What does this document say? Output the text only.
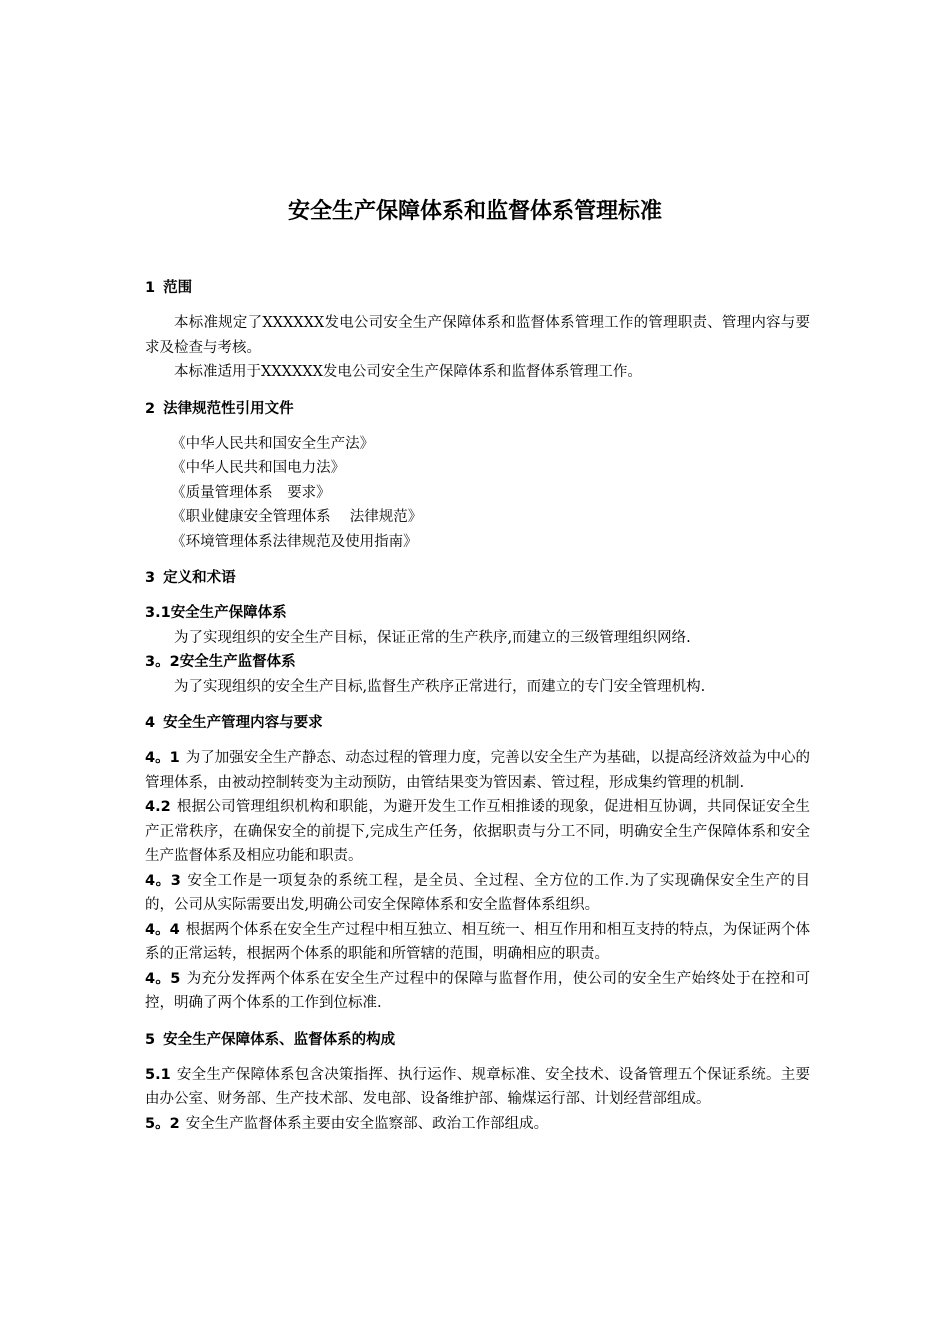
安全生产保障体系和监督体系管理标准
1 范围

本标准规定了XXXXXX发电公司安全生产保障体系和监督体系管理工作的管理职责、管理内容与要求及检查与考核。

本标准适用于XXXXXX发电公司安全生产保障体系和监督体系管理工作。

2 法律规范性引用文件

《中华人民共和国安全生产法》

《中华人民共和国电力法》

《质量管理体系　要求》

《职业健康安全管理体系　 法律规范》

《环境管理体系法律规范及使用指南》

3 定义和术语

3.1安全生产保障体系

为了实现组织的安全生产目标，保证正常的生产秩序,而建立的三级管理组织网络.

3。2安全生产监督体系

为了实现组织的安全生产目标,监督生产秩序正常进行，而建立的专门安全管理机构.

4 安全生产管理内容与要求

4。1 为了加强安全生产静态、动态过程的管理力度，完善以安全生产为基础，以提高经济效益为中心的管理体系，由被动控制转变为主动预防，由管结果变为管因素、管过程，形成集约管理的机制.

4.2 根据公司管理组织机构和职能，为避开发生工作互相推诿的现象，促进相互协调，共同保证安全生产正常秩序，在确保安全的前提下,完成生产任务，依据职责与分工不同，明确安全生产保障体系和安全生产监督体系及相应功能和职责。

4。3 安全工作是一项复杂的系统工程，是全员、全过程、全方位的工作.为了实现确保安全生产的目的，公司从实际需要出发,明确公司安全保障体系和安全监督体系组织。

4。4 根据两个体系在安全生产过程中相互独立、相互统一、相互作用和相互支持的特点，为保证两个体系的正常运转，根据两个体系的职能和所管辖的范围，明确相应的职责。

4。5 为充分发挥两个体系在安全生产过程中的保障与监督作用，使公司的安全生产始终处于在控和可控，明确了两个体系的工作到位标准.

5 安全生产保障体系、监督体系的构成

5.1 安全生产保障体系包含决策指挥、执行运作、规章标准、安全技术、设备管理五个保证系统。主要由办公室、财务部、生产技术部、发电部、设备维护部、输煤运行部、计划经营部组成。

5。2 安全生产监督体系主要由安全监察部、政治工作部组成。
